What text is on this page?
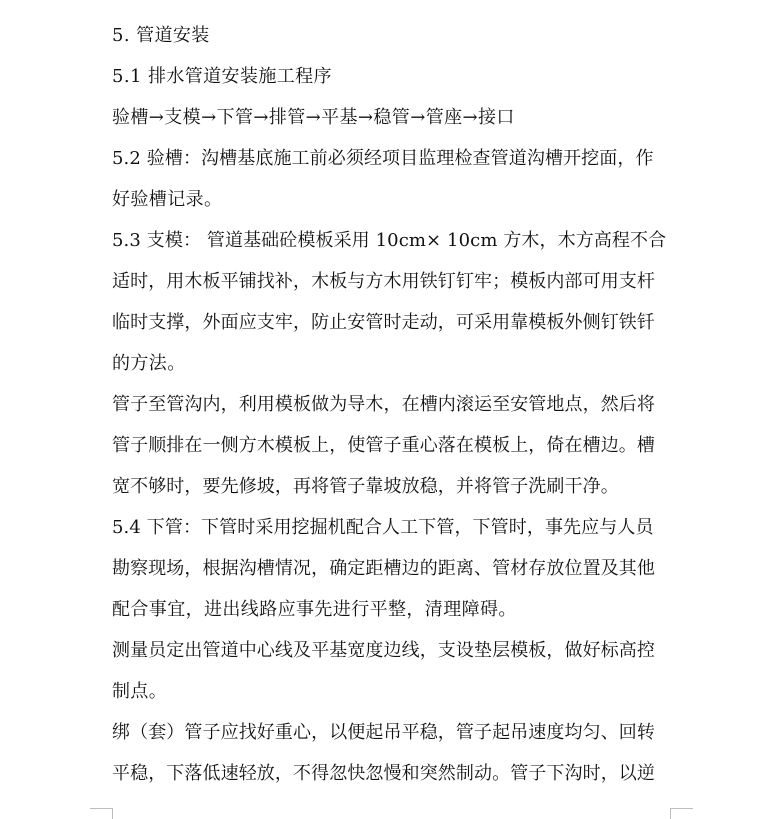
5. 管道安装
5.1 排水管道安装施工程序
验槽→支模→下管→排管→平基→稳管→管座→接口
5.2 验槽：沟槽基底施工前必须经项目监理检查管道沟槽开挖面，作
好验槽记录。
5.3 支模： 管道基础砼模板采用 10cm× 10cm 方木，木方高程不合
适时，用木板平铺找补，木板与方木用铁钉钉牢；模板内部可用支杆
临时支撑，外面应支牢，防止安管时走动，可采用靠模板外侧钉铁钎
的方法。
管子至管沟内，利用模板做为导木，在槽内滚运至安管地点，然后将
管子顺排在一侧方木模板上，使管子重心落在模板上，倚在槽边。槽
宽不够时，要先修坡，再将管子靠坡放稳，并将管子洗刷干净。
5.4 下管：下管时采用挖掘机配合人工下管，下管时，事先应与人员
勘察现场，根据沟槽情况，确定距槽边的距离、管材存放位置及其他
配合事宜，进出线路应事先进行平整，清理障碍。
测量员定出管道中心线及平基宽度边线，支设垫层模板，做好标高控
制点。
绑（套）管子应找好重心，以便起吊平稳，管子起吊速度均匀、回转
平稳，下落低速轻放，不得忽快忽慢和突然制动。管子下沟时，以逆
